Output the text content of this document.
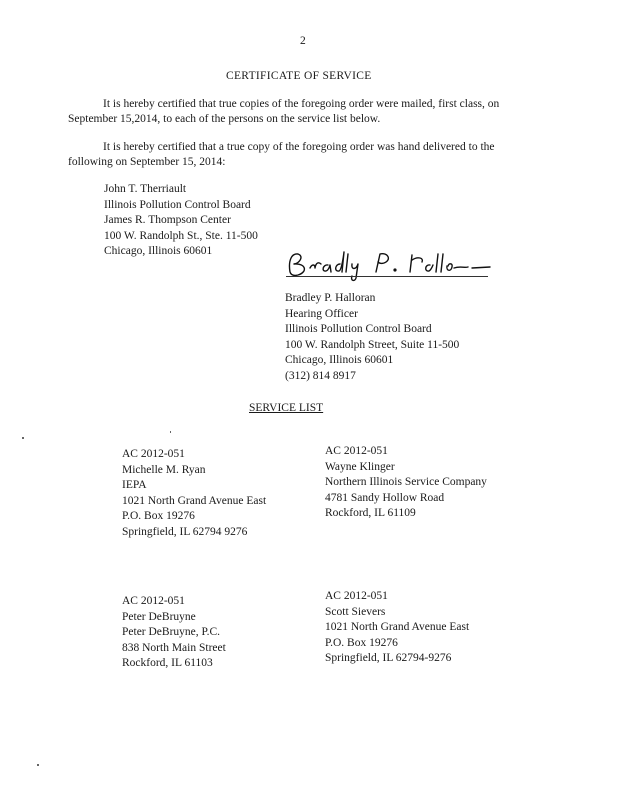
2
CERTIFICATE OF SERVICE
It is hereby certified that true copies of the foregoing order were mailed, first class, on
September 15,2014, to each of the persons on the service list below.
It is hereby certified that a true copy of the foregoing order was hand delivered to the
following on September 15, 2014:
John T. Therriault
Illinois Pollution Control Board
James R. Thompson Center
100 W. Randolph St., Ste. 11-500
Chicago, Illinois 60601
Bradley P. Halloran
Hearing Officer
Illinois Pollution Control Board
100 W. Randolph Street, Suite 11-500
Chicago, Illinois 60601
(312) 814 8917
SERVICE LIST
AC 2012-051
Michelle M. Ryan
IEPA
1021 North Grand Avenue East
P.O. Box 19276
Springfield, IL 62794 9276
AC 2012-051
Wayne Klinger
Northern Illinois Service Company
4781 Sandy Hollow Road
Rockford, IL 61109
AC 2012-051
Peter DeBruyne
Peter DeBruyne, P.C.
838 North Main Street
Rockford, IL 61103
AC 2012-051
Scott Sievers
1021 North Grand Avenue East
P.O. Box 19276
Springfield, IL 62794-9276
